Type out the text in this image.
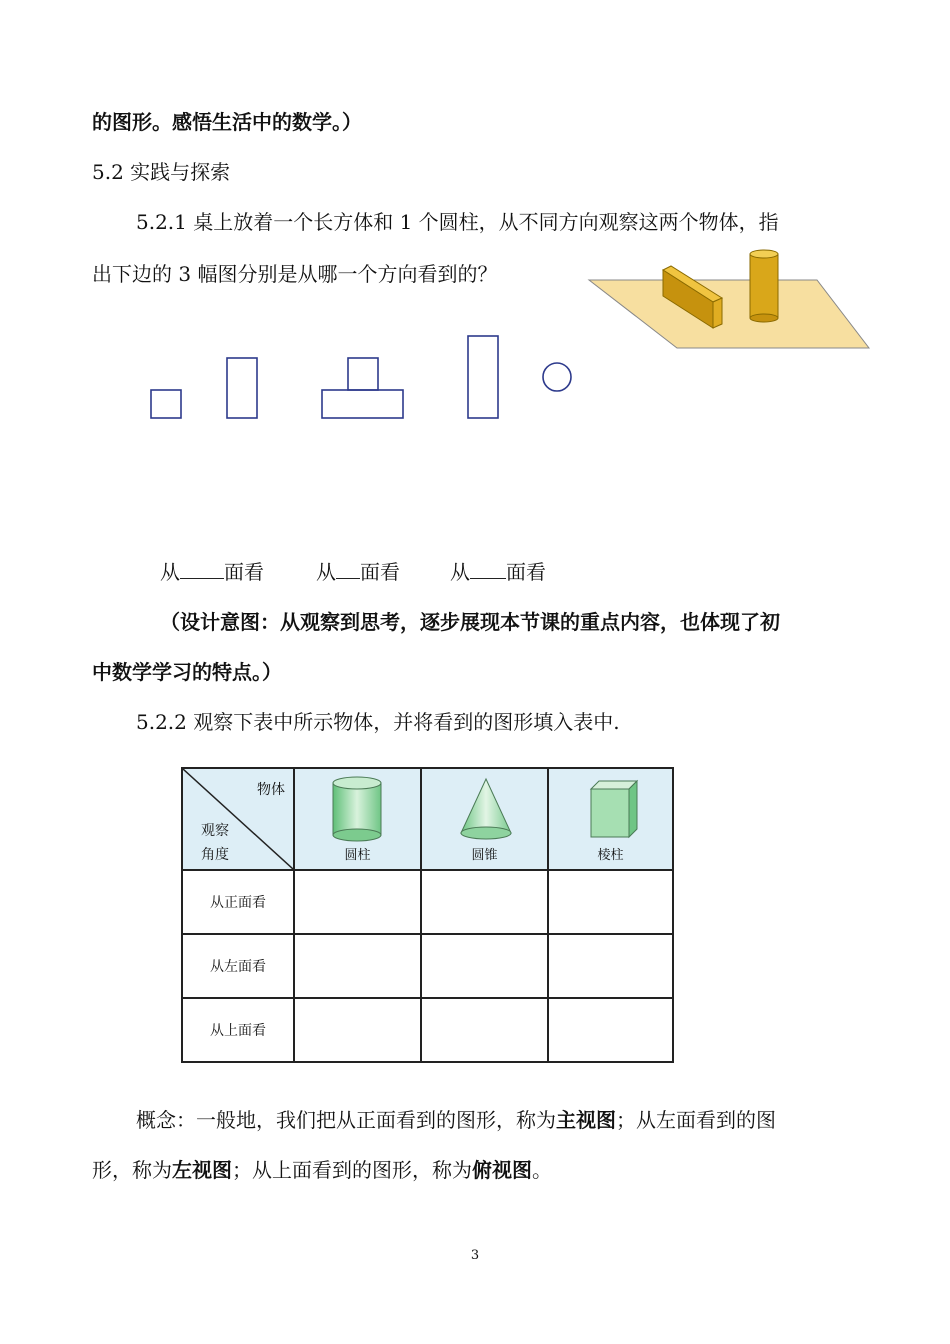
的图形。感悟生活中的数学。）
5.2 实践与探索
5.2.1 桌上放着一个长方体和 1 个圆柱，从不同方向观察这两个物体，指
出下边的 3 幅图分别是从哪一个方向看到的？
从 面看	从 面看	从 面看
（设计意图：从观察到思考，逐步展现本节课的重点内容，也体现了初
中数学学习的特点。）
5.2.2 观察下表中所示物体，并将看到的图形填入表中.
物体
观察
角度	圆柱	圆锥	棱柱

从正面看			
从左面看			
从上面看			
概念：一般地，我们把从正面看到的图形，称为主视图；从左面看到的图
形，称为左视图；从上面看到的图形，称为俯视图。
3
